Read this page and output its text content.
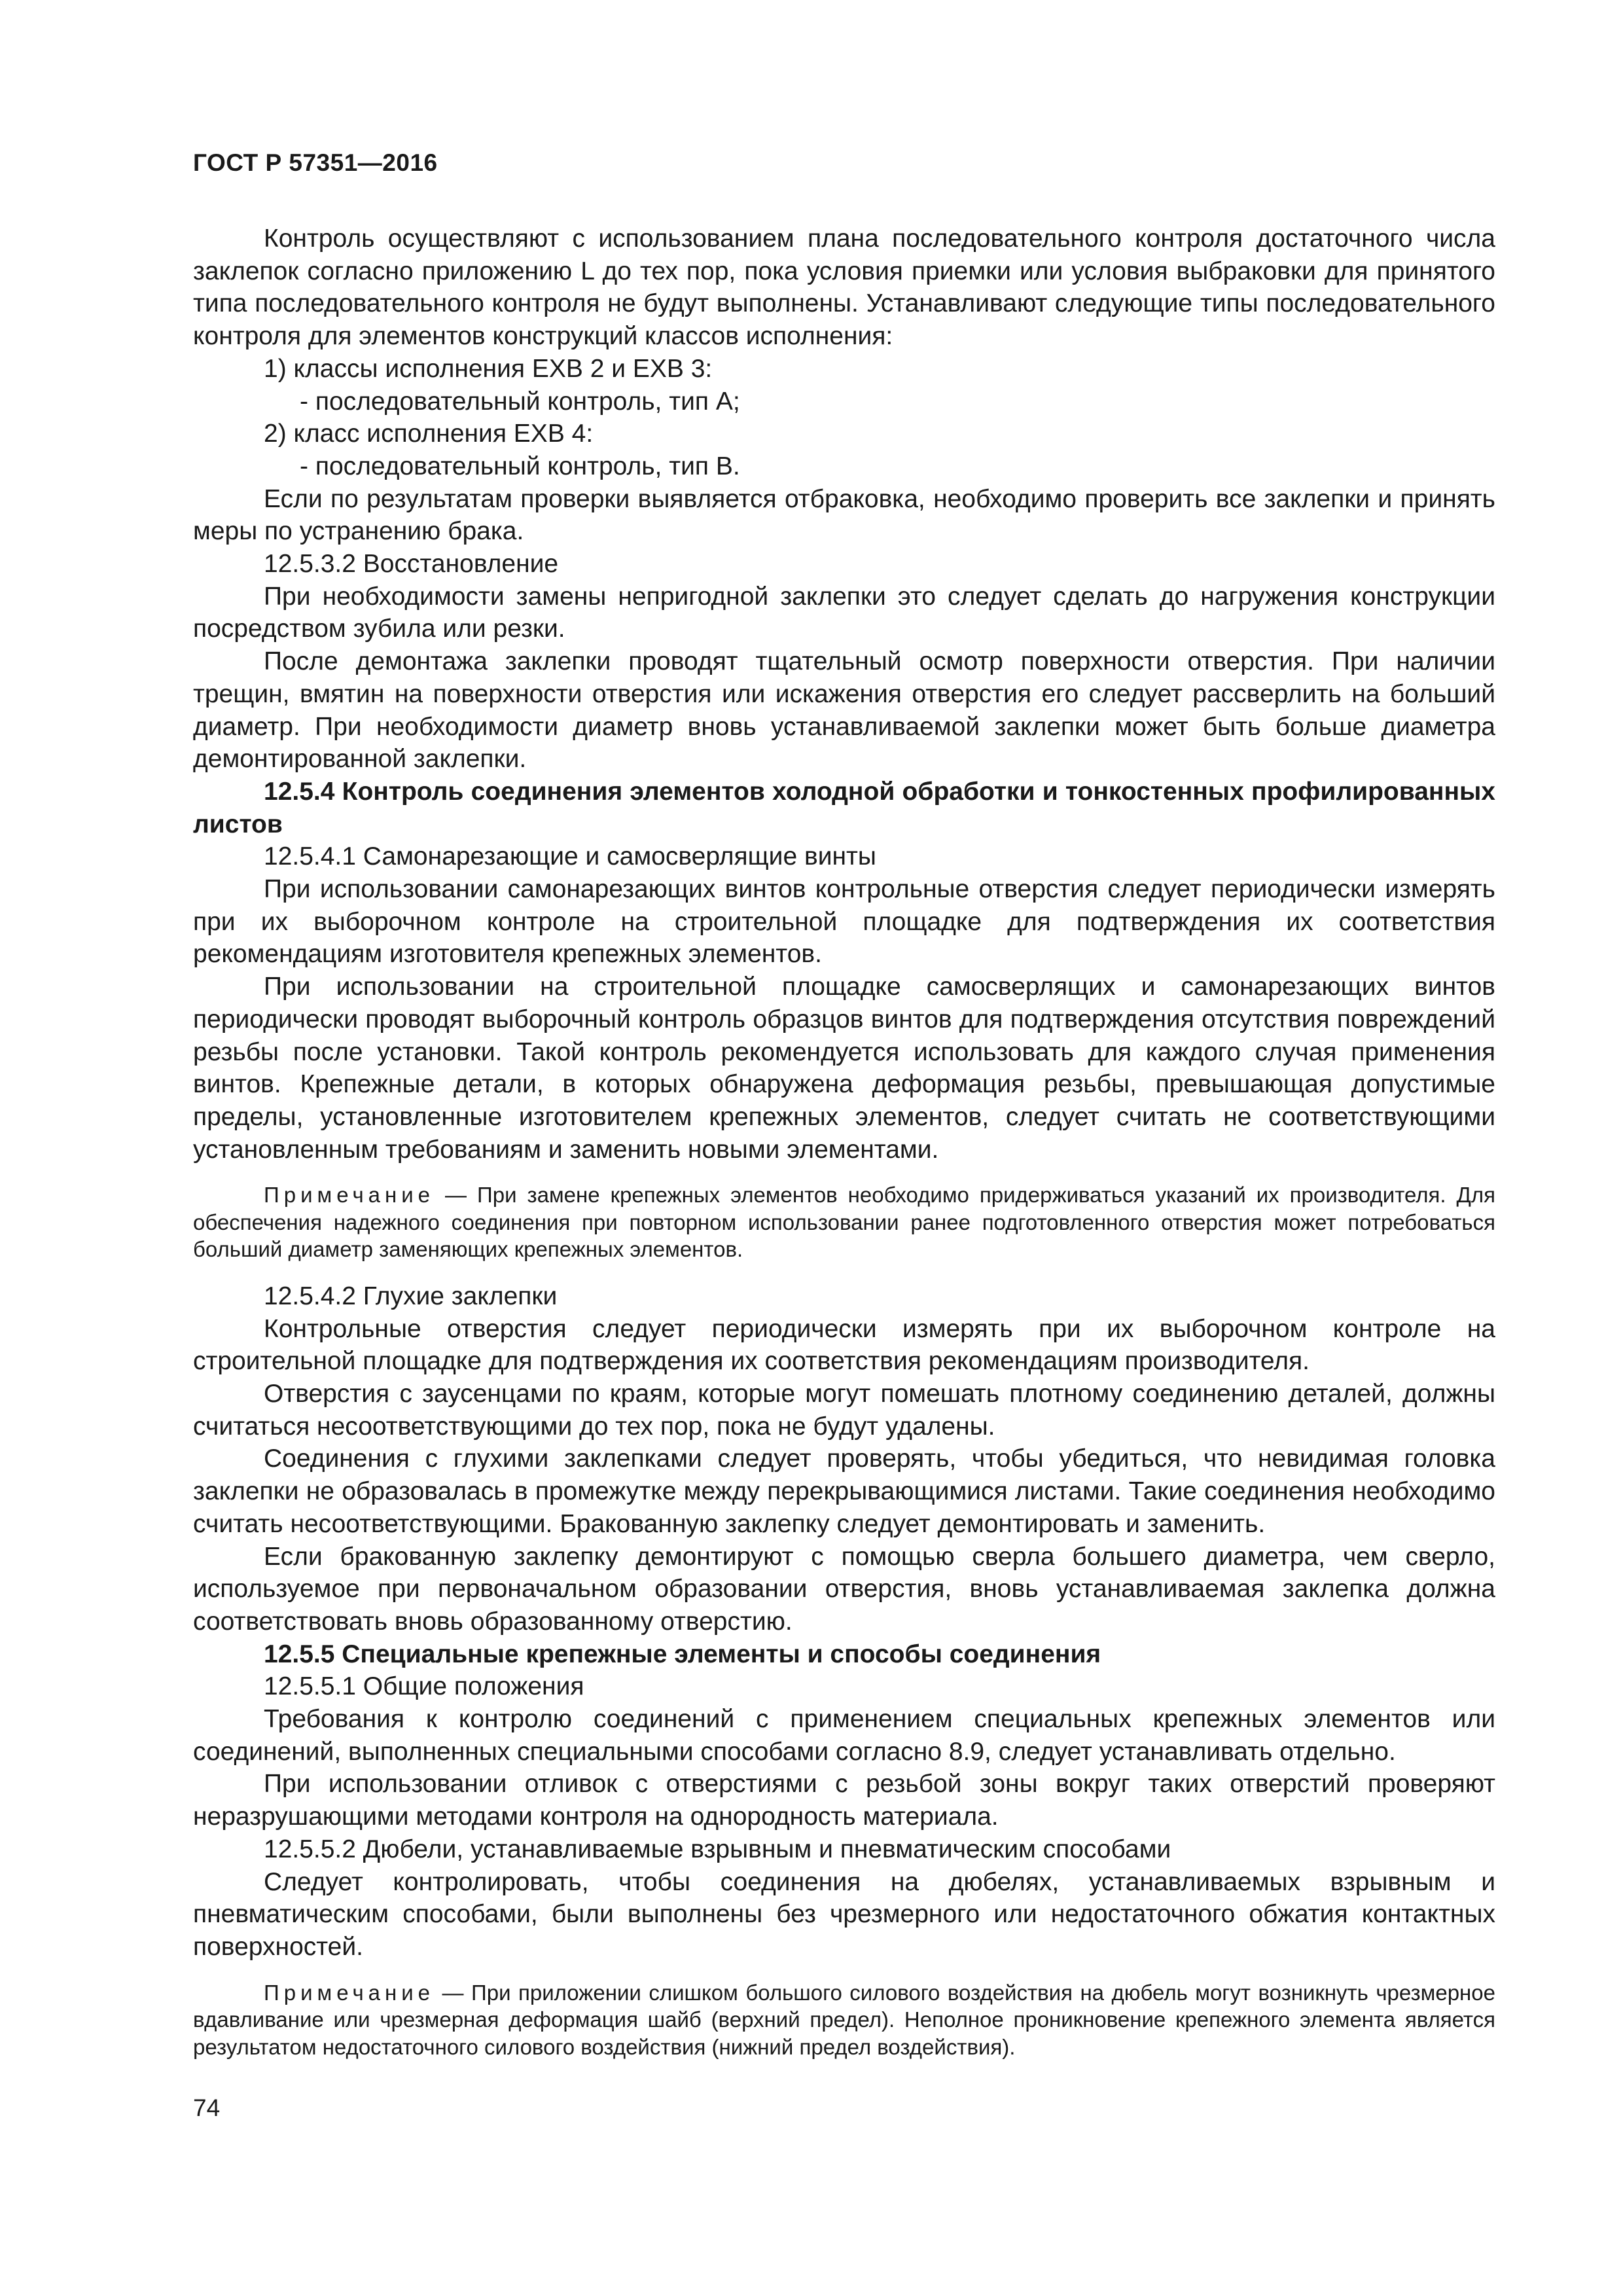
ГОСТ Р 57351—2016

Контроль осуществляют с использованием плана последовательного контроля достаточного числа заклепок согласно приложению L до тех пор, пока условия приемки или условия выбраковки для принятого типа последовательного контроля не будут выполнены. Устанавливают следующие типы последовательного контроля для элементов конструкций классов исполнения:

1) классы исполнения ЕХВ 2 и ЕХВ 3:

- последовательный контроль, тип А;

2) класс исполнения ЕХВ 4:

- последовательный контроль, тип В.

Если по результатам проверки выявляется отбраковка, необходимо проверить все заклепки и принять меры по устранению брака.

12.5.3.2 Восстановление

При необходимости замены непригодной заклепки это следует сделать до нагружения конструкции посредством зубила или резки.

После демонтажа заклепки проводят тщательный осмотр поверхности отверстия. При наличии трещин, вмятин на поверхности отверстия или искажения отверстия его следует рассверлить на больший диаметр. При необходимости диаметр вновь устанавливаемой заклепки может быть больше диаметра демонтированной заклепки.

12.5.4 Контроль соединения элементов холодной обработки и тонкостенных профилированных листов

12.5.4.1 Самонарезающие и самосверлящие винты

При использовании самонарезающих винтов контрольные отверстия следует периодически измерять при их выборочном контроле на строительной площадке для подтверждения их соответствия рекомендациям изготовителя крепежных элементов.

При использовании на строительной площадке самосверлящих и самонарезающих винтов периодически проводят выборочный контроль образцов винтов для подтверждения отсутствия повреждений резьбы после установки. Такой контроль рекомендуется использовать для каждого случая применения винтов. Крепежные детали, в которых обнаружена деформация резьбы, превышающая допустимые пределы, установленные изготовителем крепежных элементов, следует считать не соответствующими установленным требованиям и заменить новыми элементами.

Примечание — При замене крепежных элементов необходимо придерживаться указаний их производителя. Для обеспечения надежного соединения при повторном использовании ранее подготовленного отверстия может потребоваться больший диаметр заменяющих крепежных элементов.

12.5.4.2 Глухие заклепки

Контрольные отверстия следует периодически измерять при их выборочном контроле на строительной площадке для подтверждения их соответствия рекомендациям производителя.

Отверстия с заусенцами по краям, которые могут помешать плотному соединению деталей, должны считаться несоответствующими до тех пор, пока не будут удалены.

Соединения с глухими заклепками следует проверять, чтобы убедиться, что невидимая головка заклепки не образовалась в промежутке между перекрывающимися листами. Такие соединения необходимо считать несоответствующими. Бракованную заклепку следует демонтировать и заменить.

Если бракованную заклепку демонтируют с помощью сверла большего диаметра, чем сверло, используемое при первоначальном образовании отверстия, вновь устанавливаемая заклепка должна соответствовать вновь образованному отверстию.

12.5.5 Специальные крепежные элементы и способы соединения

12.5.5.1 Общие положения

Требования к контролю соединений с применением специальных крепежных элементов или соединений, выполненных специальными способами согласно 8.9, следует устанавливать отдельно.

При использовании отливок с отверстиями с резьбой зоны вокруг таких отверстий проверяют неразрушающими методами контроля на однородность материала.

12.5.5.2 Дюбели, устанавливаемые взрывным и пневматическим способами

Следует контролировать, чтобы соединения на дюбелях, устанавливаемых взрывным и пневматическим способами, были выполнены без чрезмерного или недостаточного обжатия контактных поверхностей.

Примечание — При приложении слишком большого силового воздействия на дюбель могут возникнуть чрезмерное вдавливание или чрезмерная деформация шайб (верхний предел). Неполное проникновение крепежного элемента является результатом недостаточного силового воздействия (нижний предел воздействия).

74
